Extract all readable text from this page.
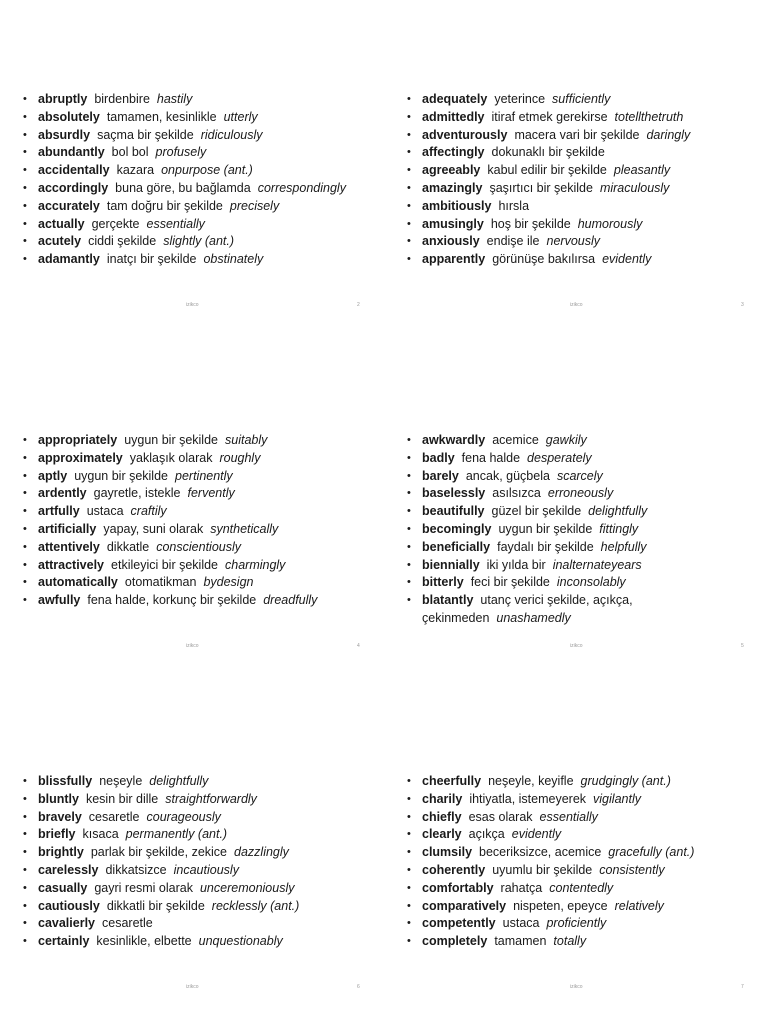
• abruptly birdenbire hastily
• absolutely tamamen, kesinlikle utterly
• absurdly saçma bir şekilde ridiculously
• abundantly bol bol profusely
• accidentally kazara onpurpose (ant.)
• accordingly buna göre, bu bağlamda correspondingly
• accurately tam doğru bir şekilde precisely
• actually gerçekte essentially
• acutely ciddi şekilde slightly (ant.)
• adamantly inatçı bir şekilde obstinately
izikco	2
• adequately yeterince sufficiently
• admittedly itiraf etmek gerekirse totellthetruth
• adventurously macera vari bir şekilde daringly
• affectingly dokunaklı bir şekilde
• agreeably kabul edilir bir şekilde pleasantly
• amazingly şaşırtıcı bir şekilde miraculously
• ambitiously hırsla
• amusingly hoş bir şekilde humorously
• anxiously endişe ile nervously
• apparently görünüşe bakılırsa evidently
izikco	3
• appropriately uygun bir şekilde suitably
• approximately yaklaşık olarak roughly
• aptly uygun bir şekilde pertinently
• ardently gayretle, istekle fervently
• artfully ustaca craftily
• artificially yapay, suni olarak synthetically
• attentively dikkatle conscientiously
• attractively etkileyici bir şekilde charmingly
• automatically otomatikman bydesign
• awfully fena halde, korkunç bir şekilde dreadfully
izikco	4
• awkwardly acemice gawkily
• badly fena halde desperately
• barely ancak, güçbela scarcely
• baselessly asılsızca erroneously
• beautifully güzel bir şekilde delightfully
• becomingly uygun bir şekilde fittingly
• beneficially faydalı bir şekilde helpfully
• biennially iki yılda bir inalternateyears
• bitterly feci bir şekilde inconsolably
• blatantly utanç verici şekilde, açıkça, çekinmeden unashamedly
izikco	5
• blissfully neşeyle delightfully
• bluntly kesin bir dille straightforwardly
• bravely cesaretle courageously
• briefly kısaca permanently (ant.)
• brightly parlak bir şekilde, zekice dazzlingly
• carelessly dikkatsizce incautiously
• casually gayri resmi olarak unceremoniously
• cautiously dikkatli bir şekilde recklessly (ant.)
• cavalierly cesaretle
• certainly kesinlikle, elbette unquestionably
izikco	6
• cheerfully neşeyle, keyifle grudgingly (ant.)
• charily ihtiyatla, istemeyerek vigilantly
• chiefly esas olarak essentially
• clearly açıkça evidently
• clumsily beceriksizce, acemice gracefully (ant.)
• coherently uyumlu bir şekilde consistently
• comfortably rahatça contentedly
• comparatively nispeten, epeyce relatively
• competently ustaca proficiently
• completely tamamen totally
izikco	7
